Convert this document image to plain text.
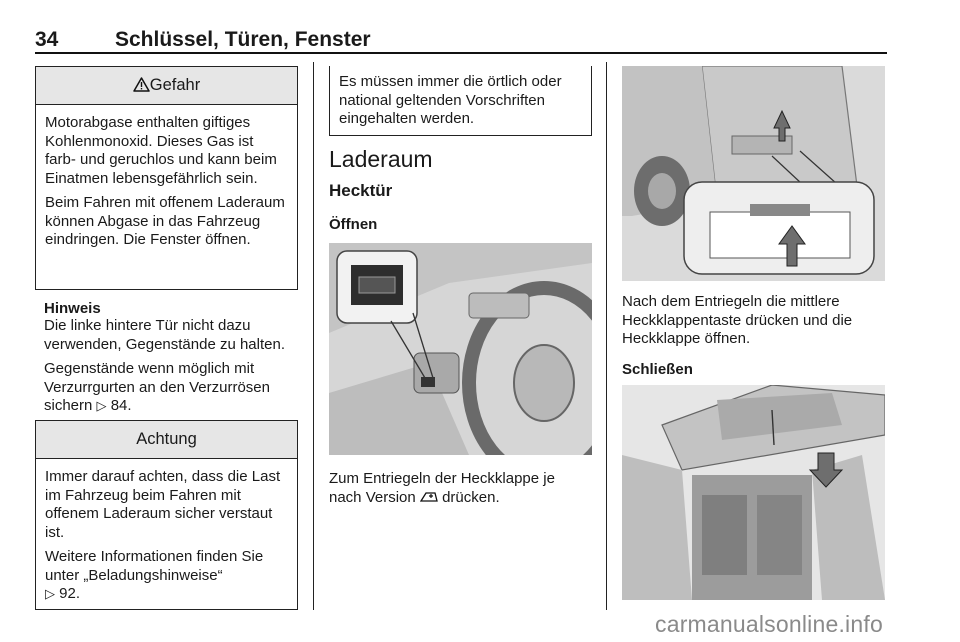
34	Schlüssel, Türen, Fenster
Gefahr

Motorabgase enthalten giftiges Kohlenmonoxid. Dieses Gas ist farb- und geruchlos und kann beim Einatmen lebensgefährlich sein.

Beim Fahren mit offenem Laderaum können Abgase in das Fahrzeug eindringen. Die Fenster öffnen.

Hinweis

Die linke hintere Tür nicht dazu verwenden, Gegenstände zu halten.

Gegenstände wenn möglich mit Verzurrgurten an den Verzurrösen sichern ▷ 84.

Achtung

Immer darauf achten, dass die Last im Fahrzeug beim Fahren mit offenem Laderaum sicher verstaut ist.

Weitere Informationen finden Sie unter „Beladungshinweise“
▷ 92.

Es müssen immer die örtlich oder national geltenden Vorschriften eingehalten werden.
Laderaum
Hecktür
Öffnen
Zum Entriegeln der Heckklappe je nach Version drücken.
Nach dem Entriegeln die mittlere Heckklappentaste drücken und die Heckklappe öffnen.
Schließen
carmanualsonline.info
